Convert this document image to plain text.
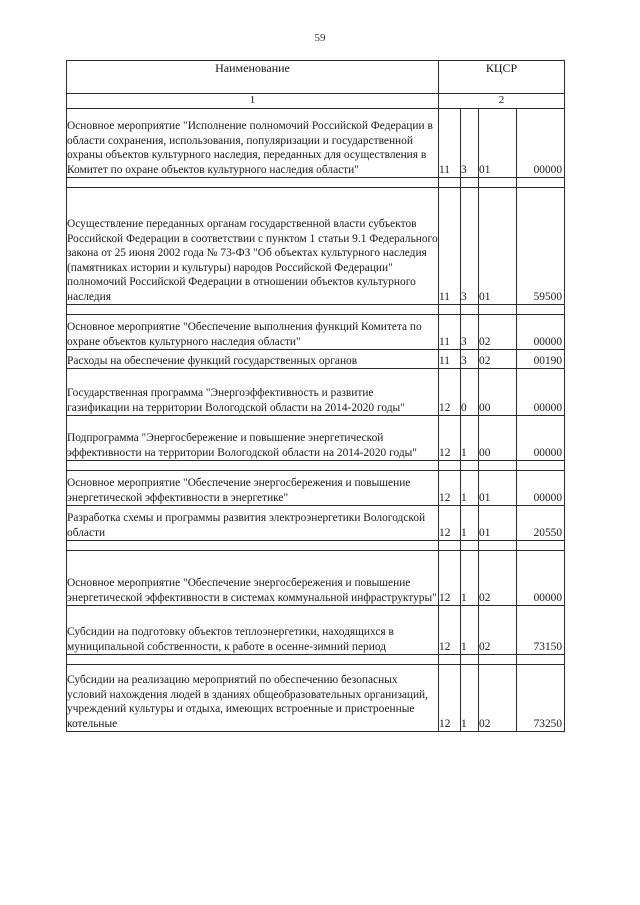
59
Наименование	КЦСР			
1	2			
Основное мероприятие "Исполнение полномочий Российской Федерации в области сохранения, использования, популяризации и государственной охраны объектов культурного наследия, переданных для осуществления в Комитет по охране объектов культурного наследия области"	11	3	01	00000

Осуществление переданных органам государственной власти субъектов Российской Федерации в соответствии с пунктом 1 статьи 9.1 Федерального закона от 25 июня 2002 года № 73-ФЗ "Об объектах культурного наследия (памятниках истории и культуры) народов Российской Федерации" полномочий Российской Федерации в отношении объектов культурного наследия	11	3	01	59500

Основное мероприятие "Обеспечение выполнения функций Комитета по охране объектов культурного наследия области"	11	3	02	00000
Расходы на обеспечение функций государственных органов	11	3	02	00190
Государственная программа "Энергоэффективность и развитие газификации на территории Вологодской области на 2014-2020 годы"	12	0	00	00000
Подпрограмма "Энергосбережение и повышение энергетической эффективности на территории Вологодской области на 2014-2020 годы"	12	1	00	00000

Основное мероприятие "Обеспечение энергосбережения и повышение энергетической эффективности в энергетике"	12	1	01	00000
Разработка схемы и программы развития электроэнергетики Вологодской области	12	1	01	20550

Основное мероприятие "Обеспечение энергосбережения и повышение энергетической эффективности в системах коммунальной инфраструктуры"	12	1	02	00000
Субсидии на подготовку объектов теплоэнергетики, находящихся в муниципальной собственности, к работе в осенне-зимний период	12	1	02	73150

Субсидии на реализацию мероприятий по обеспечению безопасных условий нахождения людей в зданиях общеобразовательных организаций, учреждений культуры и отдыха, имеющих встроенные и пристроенные котельные	12	1	02	73250
